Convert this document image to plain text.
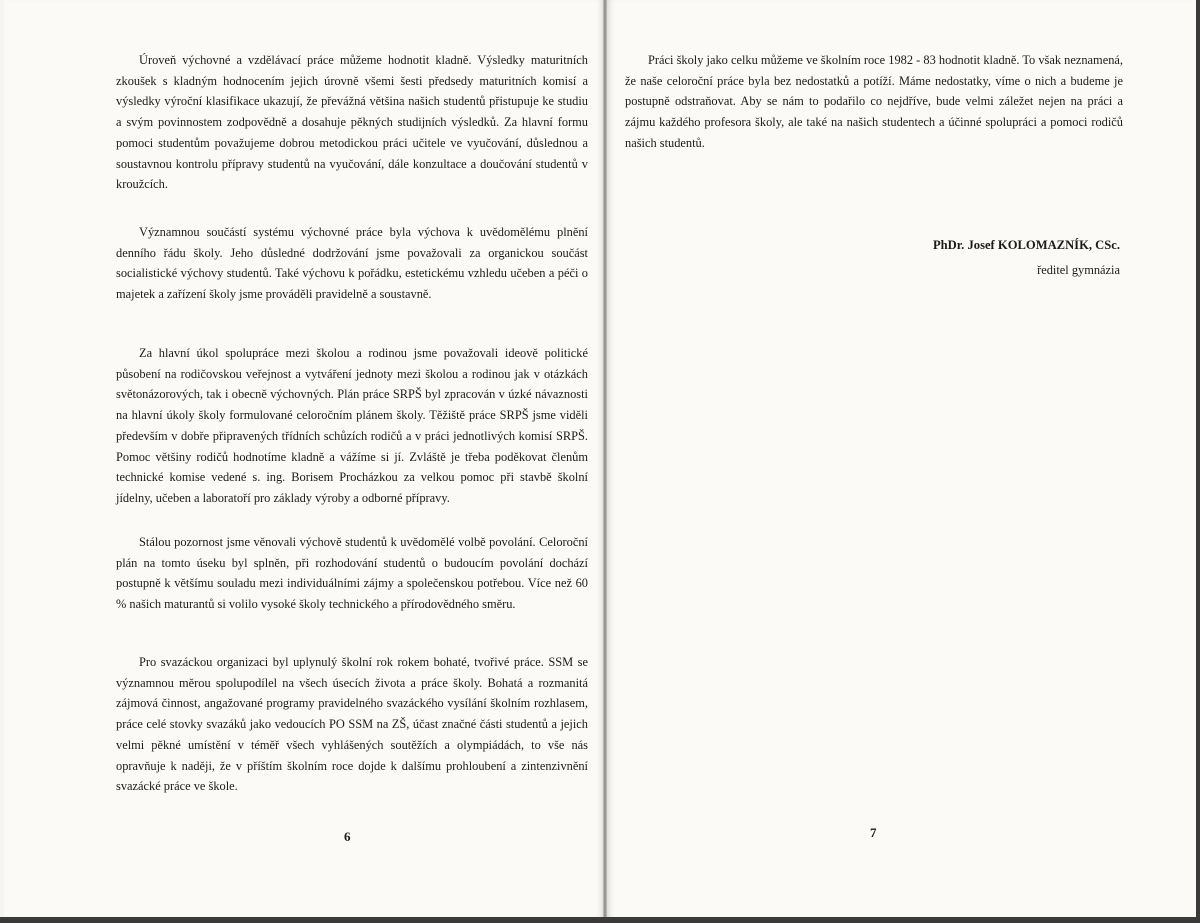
Úroveň výchovné a vzdělávací práce můžeme hodnotit kladně. Výsledky maturitních zkoušek s kladným hodnocením jejich úrovně všemi šesti předsedy maturitních komisí a výsledky výroční klasifikace ukazují, že převážná většina našich studentů přistupuje ke studiu a svým povinnostem zodpovědně a dosahuje pěkných studijních výsledků. Za hlavní formu pomoci studentům považujeme dobrou metodickou práci učitele ve vyučování, důslednou a soustavnou kontrolu přípravy studentů na vyučování, dále konzultace a doučování studentů v kroužcích.

Významnou součástí systému výchovné práce byla výchova k uvědomělému plnění denního řádu školy. Jeho důsledné dodržování jsme považovali za organickou součást socialistické výchovy studentů. Také výchovu k pořádku, estetickému vzhledu učeben a péči o majetek a zařízení školy jsme prováděli pravidelně a soustavně.

Za hlavní úkol spolupráce mezi školou a rodinou jsme považovali ideově politické působení na rodičovskou veřejnost a vytváření jednoty mezi školou a rodinou jak v otázkách světonázorových, tak i obecně výchovných. Plán práce SRPŠ byl zpracován v úzké návaznosti na hlavní úkoly školy formulované celoročním plánem školy. Těžiště práce SRPŠ jsme viděli především v dobře připravených třídních schůzích rodičů a v práci jednotlivých komisí SRPŠ. Pomoc většiny rodičů hodnotíme kladně a vážíme si jí. Zvláště je třeba poděkovat členům technické komise vedené s. ing. Borisem Procházkou za velkou pomoc při stavbě školní jídelny, učeben a laboratoří pro základy výroby a odborné přípravy.

Stálou pozornost jsme věnovali výchově studentů k uvědomělé volbě povolání. Celoroční plán na tomto úseku byl splněn, při rozhodování studentů o budoucím povolání dochází postupně k většímu souladu mezi individuálními zájmy a společenskou potřebou. Více než 60 % našich maturantů si volilo vysoké školy technického a přírodovědného směru.

Pro svazáckou organizaci byl uplynulý školní rok rokem bohaté, tvořivé práce. SSM se významnou měrou spolupodílel na všech úsecích života a práce školy. Bohatá a rozmanitá zájmová činnost, angažované programy pravidelného svazáckého vysílání školním rozhlasem, práce celé stovky svazáků jako vedoucích PO SSM na ZŠ, účast značné části studentů a jejich velmi pěkné umístění v téměř všech vyhlášených soutěžích a olympiádách, to vše nás opravňuje k naději, že v příštím školním roce dojde k dalšímu prohloubení a zintenzivnění svazácké práce ve škole.

6

Práci školy jako celku můžeme ve školním roce 1982 - 83 hodnotit kladně. To však neznamená, že naše celoroční práce byla bez nedostatků a potíží. Máme nedostatky, víme o nich a budeme je postupně odstraňovat. Aby se nám to podařilo co nejdříve, bude velmi záležet nejen na práci a zájmu každého profesora školy, ale také na našich studentech a účinné spolupráci a pomoci rodičů našich studentů.

PhDr. Josef KOLOMAZNÍK, CSc.
ředitel gymnázia
7
